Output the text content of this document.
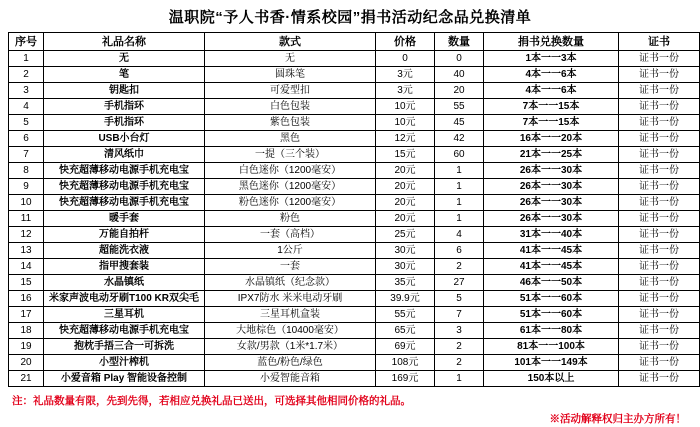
温职院“予人书香·情系校园”捐书活动纪念品兑换清单
序号	礼品名称	款式	价格	数量	捐书兑换数量	证书
1	无	无	0	0	1本一一3本	证书一份
2	笔	圆珠笔	3元	40	4本一一6本	证书一份
3	钥匙扣	可爱型扣	3元	20	4本一一6本	证书一份
4	手机指环	白色包装	10元	55	7本一一15本	证书一份
5	手机指环	紫色包装	10元	45	7本一一15本	证书一份
6	USB小台灯	黑色	12元	42	16本一一20本	证书一份
7	清风纸巾	一提（三个装）	15元	60	21本一一25本	证书一份
8	快充超薄移动电源手机充电宝	白色迷你（1200毫安）	20元	1	26本一一30本	证书一份
9	快充超薄移动电源手机充电宝	黑色迷你（1200毫安）	20元	1	26本一一30本	证书一份
10	快充超薄移动电源手机充电宝	粉色迷你（1200毫安）	20元	1	26本一一30本	证书一份
11	暖手套	粉色	20元	1	26本一一30本	证书一份
12	万能自拍杆	一套（高档）	25元	4	31本一一40本	证书一份
13	超能洗衣液	1公斤	30元	6	41本一一45本	证书一份
14	指甲搜套装	一套	30元	2	41本一一45本	证书一份
15	水晶镇纸	水晶镇纸（纪念款）	35元	27	46本一一50本	证书一份
16	米家声波电动牙刷T100 KR双尖毛	IPX7防水 米米电动牙刷	39.9元	5	51本一一60本	证书一份
17	三星耳机	三星耳机盒装	55元	7	51本一一60本	证书一份
18	快充超薄移动电源手机充电宝	大地棕色（10400毫安）	65元	3	61本一一80本	证书一份
19	抱枕手捂三合一可拆洗	女款/男款（1米*1.7米）	69元	2	81本一一100本	证书一份
20	小型汁榨机	蓝色/粉色/绿色	108元	2	101本一一149本	证书一份
21	小爱音箱 Play 智能设备控制	小爱智能音箱	169元	1	150本以上	证书一份
注：礼品数量有限，先到先得，若相应兑换礼品已送出，可选择其他相同价格的礼品。
※活动解释权归主办方所有！
